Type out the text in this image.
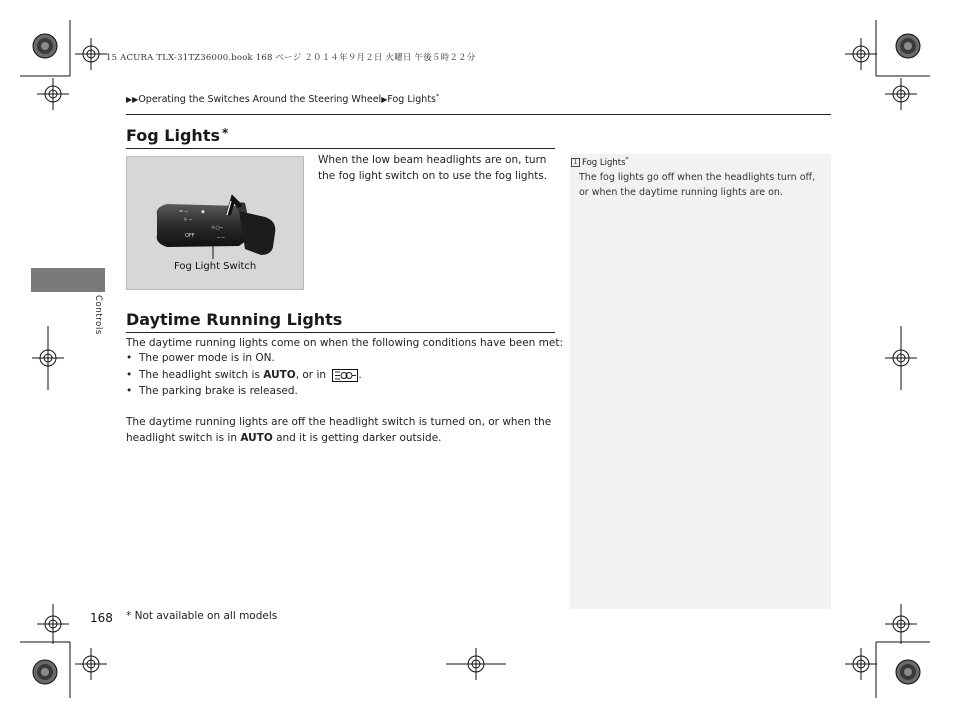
15 ACURA TLX-31TZ36000.book 168 ページ ２０１４年９月２日 火曜日 午後５時２２分
▶▶Operating the Switches Around the Steering Wheel▶Fog Lights*
Controls
Fog Lights *
= ─	◆
☼ ─
☼○─
OFF	─ ─
Fog Light Switch
When the low beam headlights are on, turn the fog light switch on to use the fog lights.
Daytime Running Lights
The daytime running lights come on when the following conditions have been met:
• The power mode is in ON.
• The headlight switch is AUTO, or in	.
• The parking brake is released.
The daytime running lights are off the headlight switch is turned on, or when the headlight switch is in AUTO and it is getting darker outside.
1 Fog Lights*
The fog lights go off when the headlights turn off, or when the daytime running lights are on.
168 * Not available on all models
